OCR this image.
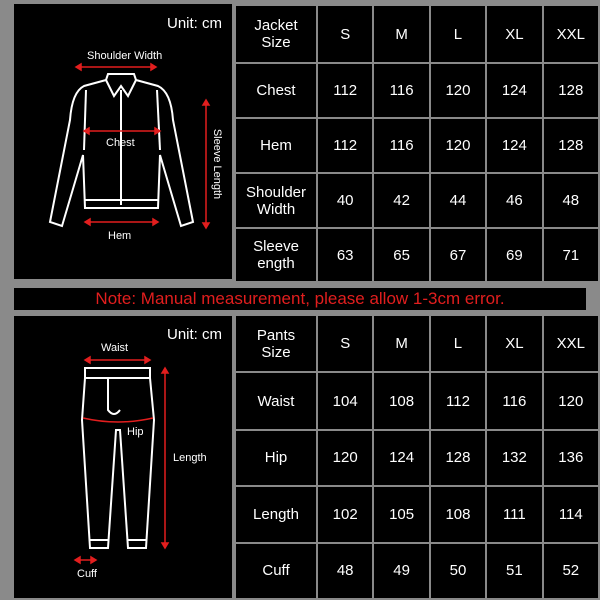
Unit: cm
Shoulder Width
Chest
Hem
Sleeve Length
Jacket
Size	S	M	L	XL	XXL
Chest	112	116	120	124	128
Hem	112	116	120	124	128
Shoulder
Width	40	42	44	46	48
Sleeve
ength	63	65	67	69	71
Note: Manual measurement, please allow 1-3cm error.
Unit: cm
Waist
Hip
Length
Cuff
Pants
Size	S	M	L	XL	XXL
Waist	104	108	112	116	120
Hip	120	124	128	132	136
Length	102	105	108	111	114
Cuff	48	49	50	51	52
